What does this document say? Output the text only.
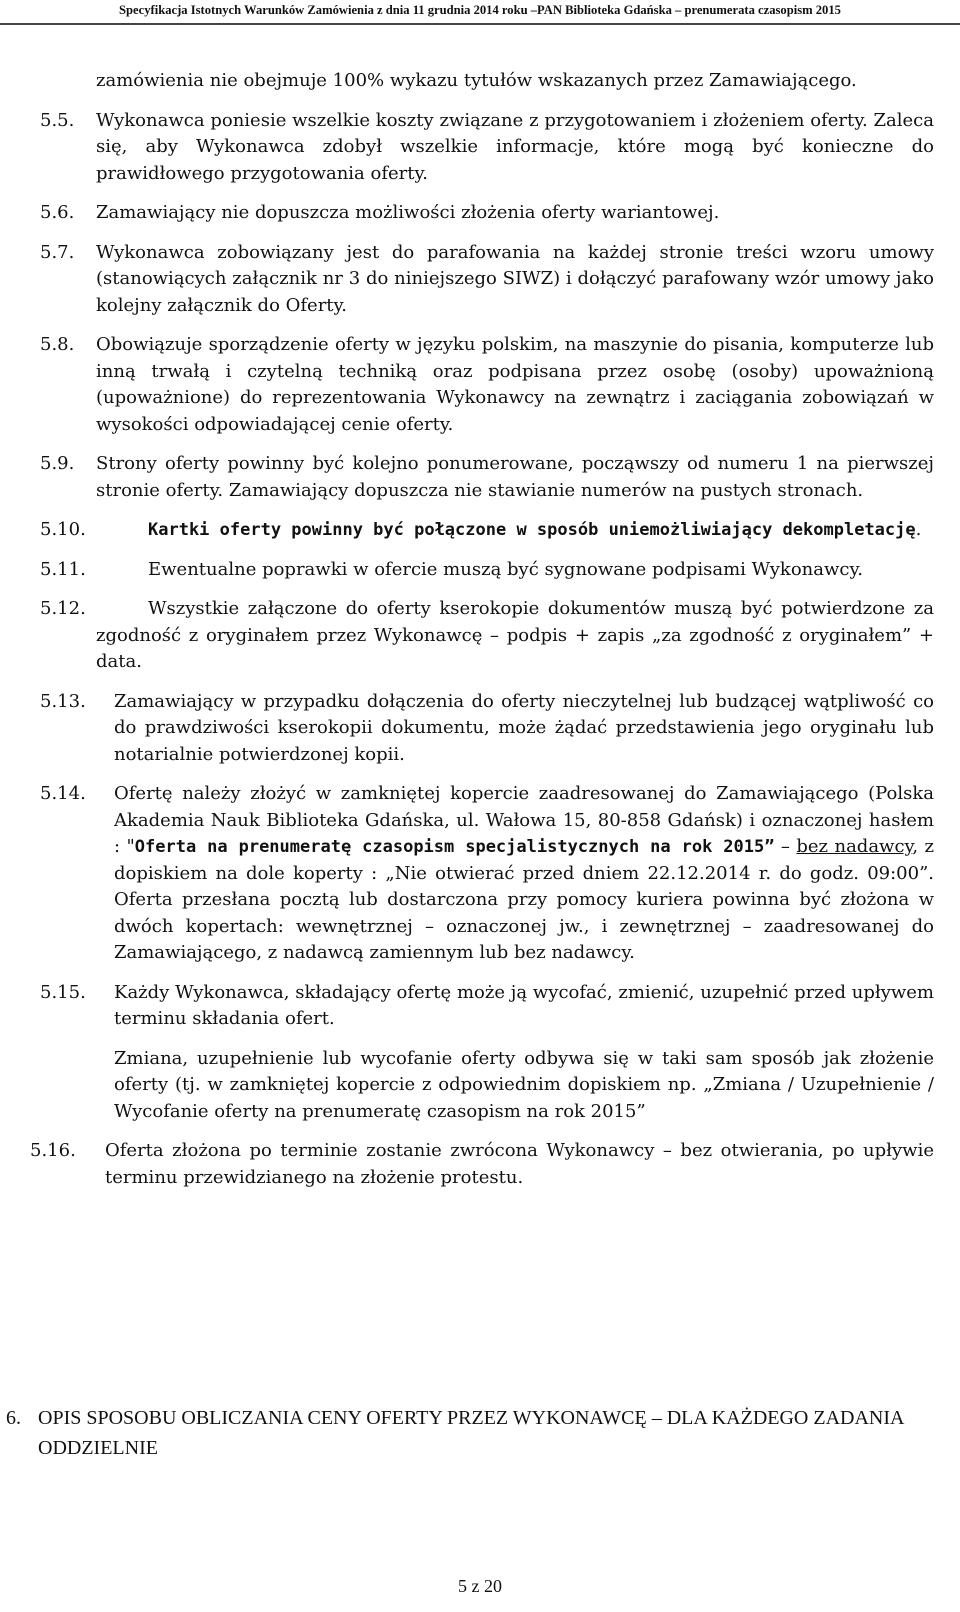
Specyfikacja Istotnych Warunków Zamówienia z dnia 11 grudnia 2014 roku –PAN Biblioteka Gdańska – prenumerata czasopism 2015
zamówienia nie obejmuje 100% wykazu tytułów wskazanych przez Zamawiającego.
5.5. Wykonawca poniesie wszelkie koszty związane z przygotowaniem i złożeniem oferty. Zaleca się, aby Wykonawca zdobył wszelkie informacje, które mogą być konieczne do prawidłowego przygotowania oferty.
5.6. Zamawiający nie dopuszcza możliwości złożenia oferty wariantowej.
5.7. Wykonawca zobowiązany jest do parafowania na każdej stronie treści wzoru umowy (stanowiących załącznik nr 3 do niniejszego SIWZ) i dołączyć parafowany wzór umowy jako kolejny załącznik do Oferty.
5.8. Obowiązuje sporządzenie oferty w języku polskim, na maszynie do pisania, komputerze lub inną trwałą i czytelną techniką oraz podpisana przez osobę (osoby) upoważnioną (upoważnione) do reprezentowania Wykonawcy na zewnątrz i zaciągania zobowiązań w wysokości odpowiadającej cenie oferty.
5.9. Strony oferty powinny być kolejno ponumerowane, począwszy od numeru 1 na pierwszej stronie oferty. Zamawiający dopuszcza nie stawianie numerów na pustych stronach.
5.10.	Kartki oferty powinny być połączone w sposób uniemożliwiający dekompletację.
5.11.	Ewentualne poprawki w ofercie muszą być sygnowane podpisami Wykonawcy.
5.12.	Wszystkie załączone do oferty kserokopie dokumentów muszą być potwierdzone za zgodność z oryginałem przez Wykonawcę – podpis + zapis „za zgodność z oryginałem” + data.
5.13. Zamawiający w przypadku dołączenia do oferty nieczytelnej lub budzącej wątpliwość co do prawdziwości kserokopii dokumentu, może żądać przedstawienia jego oryginału lub notarialnie potwierdzonej kopii.
5.14. Ofertę należy złożyć w zamkniętej kopercie zaadresowanej do Zamawiającego (Polska Akademia Nauk Biblioteka Gdańska, ul. Wałowa 15, 80-858 Gdańsk) i oznaczonej hasłem : "Oferta na prenumeratę czasopism specjalistycznych na rok 2015” – bez nadawcy, z dopiskiem na dole koperty : „Nie otwierać przed dniem 22.12.2014 r. do godz. 09:00”. Oferta przesłana pocztą lub dostarczona przy pomocy kuriera powinna być złożona w dwóch kopertach: wewnętrznej – oznaczonej jw., i zewnętrznej – zaadresowanej do Zamawiającego, z nadawcą zamiennym lub bez nadawcy.
5.15. Każdy Wykonawca, składający ofertę może ją wycofać, zmienić, uzupełnić przed upływem terminu składania ofert.
Zmiana, uzupełnienie lub wycofanie oferty odbywa się w taki sam sposób jak złożenie oferty (tj. w zamkniętej kopercie z odpowiednim dopiskiem np. „Zmiana / Uzupełnienie / Wycofanie oferty na prenumeratę czasopism na rok 2015”
5.16. Oferta złożona po terminie zostanie zwrócona Wykonawcy – bez otwierania, po upływie terminu przewidzianego na złożenie protestu.
6. OPIS SPOSOBU OBLICZANIA CENY OFERTY PRZEZ WYKONAWCĘ – DLA KAŻDEGO ZADANIA ODDZIELNIE
5 z 20
